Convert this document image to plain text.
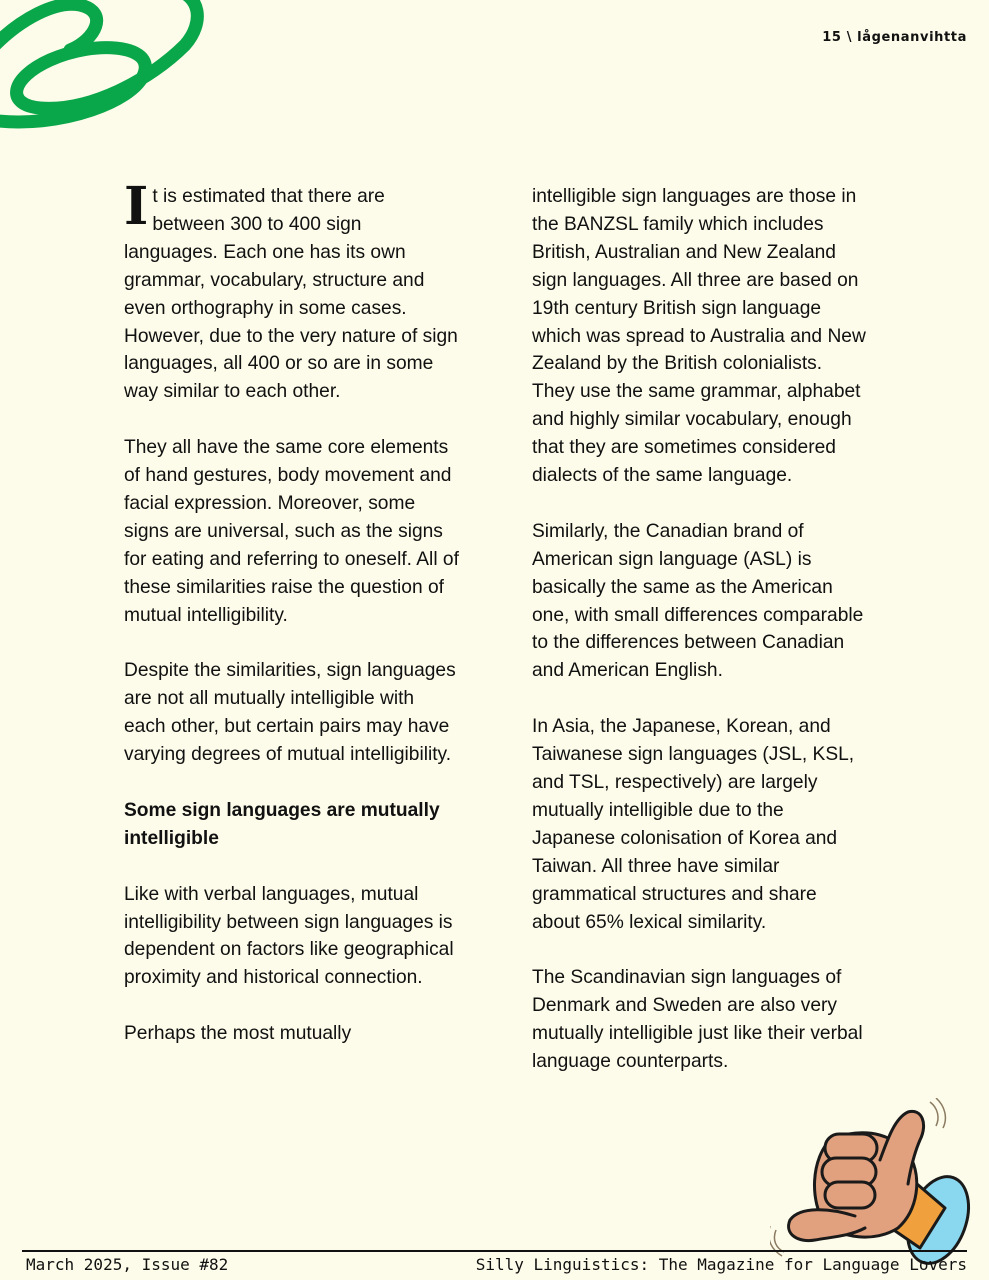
15 \ lågenanvihtta

It is estimated that there are between 300 to 400 sign languages. Each one has its own grammar, vocabulary, structure and even orthography in some cases. However, due to the very nature of sign languages, all 400 or so are in some way similar to each other.

They all have the same core elements of hand gestures, body movement and facial expression. Moreover, some signs are universal, such as the signs for eating and referring to oneself. All of these similarities raise the question of mutual intelligibility.

Despite the similarities, sign languages are not all mutually intelligible with each other, but certain pairs may have varying degrees of mutual intelligibility.

Some sign languages are mutually intelligible

Like with verbal languages, mutual intelligibility between sign languages is dependent on factors like geographical proximity and historical connection.

Perhaps the most mutually

intelligible sign languages are those in the BANZSL family which includes British, Australian and New Zealand sign languages. All three are based on 19th century British sign language which was spread to Australia and New Zealand by the British colonialists. They use the same grammar, alphabet and highly similar vocabulary, enough that they are sometimes considered dialects of the same language.

Similarly, the Canadian brand of American sign language (ASL) is basically the same as the American one, with small differences comparable to the differences between Canadian and American English.

In Asia, the Japanese, Korean, and Taiwanese sign languages (JSL, KSL, and TSL, respectively) are largely mutually intelligible due to the Japanese colonisation of Korea and Taiwan. All three have similar grammatical structures and share about 65% lexical similarity.

The Scandinavian sign languages of Denmark and Sweden are also very mutually intelligible just like their verbal language counterparts.

March 2025, Issue #82	Silly Linguistics: The Magazine for Language Lovers
